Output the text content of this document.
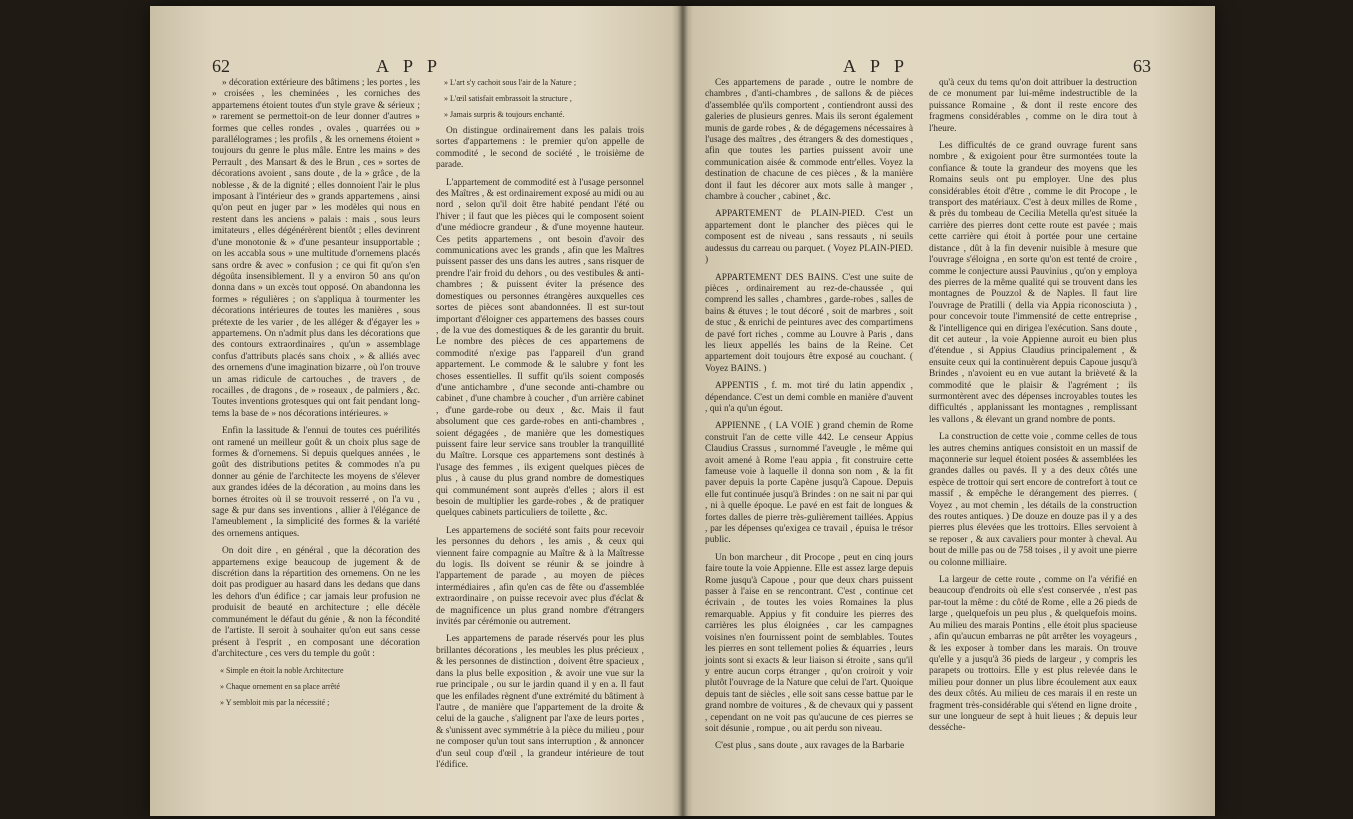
62	APP

» décoration extérieure des bâtimens ; les portes , les » croisées , les cheminées , les corniches des appartemens étoient toutes d'un style grave & sérieux ; » rarement se permettoit-on de leur donner d'autres » formes que celles rondes , ovales , quarrées ou » parallélogrames ; les profils , & les ornemens étoient » toujours du genre le plus mâle. Entre les mains » des Perrault , des Mansart & des le Brun , ces » sortes de décorations avoient , sans doute , de la » grâce , de la noblesse , & de la dignité ; elles donnoient l'air le plus imposant à l'intérieur des » grands appartemens , ainsi qu'on peut en juger par » les modèles qui nous en restent dans les anciens » palais : mais , sous leurs imitateurs , elles dégénérèrent bientôt ; elles devinrent d'une monotonie & » d'une pesanteur insupportable ; on les accabla sous » une multitude d'ornemens placés sans ordre & avec » confusion ; ce qui fit qu'on s'en dégoûta insensiblement. Il y a environ 50 ans qu'on donna dans » un excès tout opposé. On abandonna les formes » régulières ; on s'appliqua à tourmenter les décorations intérieures de toutes les manières , sous prétexte de les varier , de les alléger & d'égayer les » appartemens. On n'admit plus dans les décorations que des contours extraordinaires , qu'un » assemblage confus d'attributs placés sans choix , » & alliés avec des ornemens d'une imagination bizarre , où l'on trouve un amas ridicule de cartouches , de travers , de rocailles , de dragons , de » roseaux , de palmiers , &c. Toutes inventions grotesques qui ont fait pendant long-tems la base de » nos décorations intérieures. »

Enfin la lassitude & l'ennui de toutes ces puérilités ont ramené un meilleur goût & un choix plus sage de formes & d'ornemens. Si depuis quelques années , le goût des distributions petites & commodes n'a pu donner au génie de l'architecte les moyens de s'élever aux grandes idées de la décoration , au moins dans les bornes étroites où il se trouvoit resserré , on l'a vu , sage & pur dans ses inventions , allier à l'élégance de l'ameublement , la simplicité des formes & la variété des ornemens antiques.

On doit dire , en général , que la décoration des appartemens exige beaucoup de jugement & de discrétion dans la répartition des ornemens. On ne les doit pas prodiguer au hasard dans les dedans que dans les dehors d'un édifice ; car jamais leur profusion ne produisit de beauté en architecture ; elle décèle communément le défaut du génie , & non la fécondité de l'artiste. Il seroit à souhaiter qu'on eut sans cesse présent à l'esprit , en composant une décoration d'architecture , ces vers du temple du goût :

« Simple en étoit la noble Architecture

» Chaque ornement en sa place arrêté

» Y sembloit mis par la nécessité ;

» L'art s'y cachoit sous l'air de la Nature ;

» L'œil satisfait embrassoit la structure ,

» Jamais surpris & toujours enchanté.

On distingue ordinairement dans les palais trois sortes d'appartemens : le premier qu'on appelle de commodité , le second de société , le troisième de parade.

L'appartement de commodité est à l'usage personnel des Maîtres , & est ordinairement exposé au midi ou au nord , selon qu'il doit être habité pendant l'été ou l'hiver ; il faut que les pièces qui le composent soient d'une médiocre grandeur , & d'une moyenne hauteur. Ces petits appartemens , ont besoin d'avoir des communications avec les grands , afin que les Maîtres puissent passer des uns dans les autres , sans risquer de prendre l'air froid du dehors , ou des vestibules & anti-chambres ; & puissent éviter la présence des domestiques ou personnes étrangères auxquelles ces sortes de pièces sont abandonnées. Il est sur-tout important d'éloigner ces appartemens des basses cours , de la vue des domestiques & de les garantir du bruit. Le nombre des pièces de ces appartemens de commodité n'exige pas l'appareil d'un grand appartement. Le commode & le salubre y font les choses essentielles. Il suffit qu'ils soient composés d'une antichambre , d'une seconde anti-chambre ou cabinet , d'une chambre à coucher , d'un arrière cabinet , d'une garde-robe ou deux , &c. Mais il faut absolument que ces garde-robes en anti-chambres , soient dégagées , de manière que les domestiques puissent faire leur service sans troubler la tranquillité du Maître. Lorsque ces appartemens sont destinés à l'usage des femmes , ils exigent quelques pièces de plus , à cause du plus grand nombre de domestiques qui communément sont auprès d'elles ; alors il est besoin de multiplier les garde-robes , & de pratiquer quelques cabinets particuliers de toilette , &c.

Les appartemens de société sont faits pour recevoir les personnes du dehors , les amis , & ceux qui viennent faire compagnie au Maître & à la Maîtresse du logis. Ils doivent se réunir & se joindre à l'appartement de parade , au moyen de pièces intermédiaires , afin qu'en cas de fête ou d'assemblée extraordinaire , on puisse recevoir avec plus d'éclat & de magnificence un plus grand nombre d'étrangers invités par cérémonie ou autrement.

Les appartemens de parade réservés pour les plus brillantes décorations , les meubles les plus précieux , & les personnes de distinction , doivent être spacieux , dans la plus belle exposition , & avoir une vue sur la rue principale , ou sur le jardin quand il y en a. Il faut que les enfilades règnent d'une extrémité du bâtiment à l'autre , de manière que l'appartement de la droite & celui de la gauche , s'alignent par l'axe de leurs portes , & s'unissent avec symmétrie à la pièce du milieu , pour ne composer qu'un tout sans interruption , & annoncer d'un seul coup d'œil , la grandeur intérieure de tout l'édifice.

APP	63

Ces appartemens de parade , outre le nombre de chambres , d'anti-chambres , de sallons & de pièces d'assemblée qu'ils comportent , contiendront aussi des galeries de plusieurs genres. Mais ils seront également munis de garde robes , & de dégagemens nécessaires à l'usage des maîtres , des étrangers & des domestiques , afin que toutes les parties puissent avoir une communication aisée & commode entr'elles. Voyez la destination de chacune de ces pièces , & la manière dont il faut les décorer aux mots salle à manger , chambre à coucher , cabinet , &c.

APPARTEMENT de PLAIN-PIED. C'est un appartement dont le plancher des pièces qui le composent est de niveau , sans ressauts , ni seuils audessus du carreau ou parquet. ( Voyez PLAIN-PIED. )

APPARTEMENT DES BAINS. C'est une suite de pièces , ordinairement au rez-de-chaussée , qui comprend les salles , chambres , garde-robes , salles de bains & étuves ; le tout décoré , soit de marbres , soit de stuc , & enrichi de peintures avec des compartimens de pavé fort riches , comme au Louvre à Paris , dans les lieux appellés les bains de la Reine. Cet appartement doit toujours être exposé au couchant. ( Voyez BAINS. )

APPENTIS , f. m. mot tiré du latin appendix , dépendance. C'est un demi comble en manière d'auvent , qui n'a qu'un égout.

APPIENNE , ( LA VOIE ) grand chemin de Rome construit l'an de cette ville 442. Le censeur Appius Claudius Crassus , surnommé l'aveugle , le même qui avoit amené à Rome l'eau appia , fit construire cette fameuse voie à laquelle il donna son nom , & la fit paver depuis la porte Capène jusqu'à Capoue. Depuis elle fut continuée jusqu'à Brindes : on ne sait ni par qui , ni à quelle époque. Le pavé en est fait de longues & fortes dalles de pierre très-gulièrement taillées. Appius , par les dépenses qu'exigea ce travail , épuisa le trésor public.

Un bon marcheur , dit Procope , peut en cinq jours faire toute la voie Appienne. Elle est assez large depuis Rome jusqu'à Capoue , pour que deux chars puissent passer à l'aise en se rencontrant. C'est , continue cet écrivain , de toutes les voies Romaines la plus remarquable. Appius y fit conduire les pierres des carrières les plus éloignées , car les campagnes voisines n'en fournissent point de semblables. Toutes les pierres en sont tellement polies & équarries , leurs joints sont si exacts & leur liaison si étroite , sans qu'il y entre aucun corps étranger , qu'on croiroit y voir plutôt l'ouvrage de la Nature que celui de l'art. Quoique depuis tant de siècles , elle soit sans cesse battue par le grand nombre de voitures , & de chevaux qui y passent , cependant on ne voit pas qu'aucune de ces pierres se soit désunie , rompue , ou ait perdu son niveau.

C'est plus , sans doute , aux ravages de la Barbarie

qu'à ceux du tems qu'on doit attribuer la destruction de ce monument par lui-même indestructible de la puissance Romaine , & dont il reste encore des fragmens considérables , comme on le dira tout à l'heure.

Les difficultés de ce grand ouvrage furent sans nombre , & exigoient pour être surmontées toute la confiance & toute la grandeur des moyens que les Romains seuls ont pu employer. Une des plus considérables étoit d'être , comme le dit Procope , le transport des matériaux. C'est à deux milles de Rome , & près du tombeau de Cecilia Metella qu'est située la carrière des pierres dont cette route est pavée ; mais cette carrière qui étoit à portée pour une certaine distance , dût à la fin devenir nuisible à mesure que l'ouvrage s'éloigna , en sorte qu'on est tenté de croire , comme le conjecture aussi Pauvinius , qu'on y employa des pierres de la même qualité qui se trouvent dans les montagnes de Pouzzol & de Naples. Il faut lire l'ouvrage de Pratilli ( della via Appia riconosciuta ) , pour concevoir toute l'immensité de cette entreprise , & l'intelligence qui en dirigea l'exécution. Sans doute , dit cet auteur , la voie Appienne auroit eu bien plus d'étendue , si Appius Claudius principalement , & ensuite ceux qui la continuèrent depuis Capoue jusqu'à Brindes , n'avoient eu en vue autant la brièveté & la commodité que le plaisir & l'agrément ; ils surmontèrent avec des dépenses incroyables toutes les difficultés , applanissant les montagnes , remplissant les vallons , & élevant un grand nombre de ponts.

La construction de cette voie , comme celles de tous les autres chemins antiques consistoit en un massif de maçonnerie sur lequel étoient posées & assemblées les grandes dalles ou pavés. Il y a des deux côtés une espèce de trottoir qui sert encore de contrefort à tout ce massif , & empêche le dérangement des pierres. ( Voyez , au mot chemin , les détails de la construction des routes antiques. ) De douze en douze pas il y a des pierres plus élevées que les trottoirs. Elles servoient à se reposer , & aux cavaliers pour monter à cheval. Au bout de mille pas ou de 758 toises , il y avoit une pierre ou colonne milliaire.

La largeur de cette route , comme on l'a vérifié en beaucoup d'endroits où elle s'est conservée , n'est pas par-tout la même : du côté de Rome , elle a 26 pieds de large , quelquefois un peu plus , & quelquefois moins. Au milieu des marais Pontins , elle étoit plus spacieuse , afin qu'aucun embarras ne pût arrêter les voyageurs , & les exposer à tomber dans les marais. On trouve qu'elle y a jusqu'à 36 pieds de largeur , y compris les parapets ou trottoirs. Elle y est plus relevée dans le milieu pour donner un plus libre écoulement aux eaux des deux côtés. Au milieu de ces marais il en reste un fragment très-considérable qui s'étend en ligne droite , sur une longueur de sept à huit lieues ; & depuis leur desséche-
